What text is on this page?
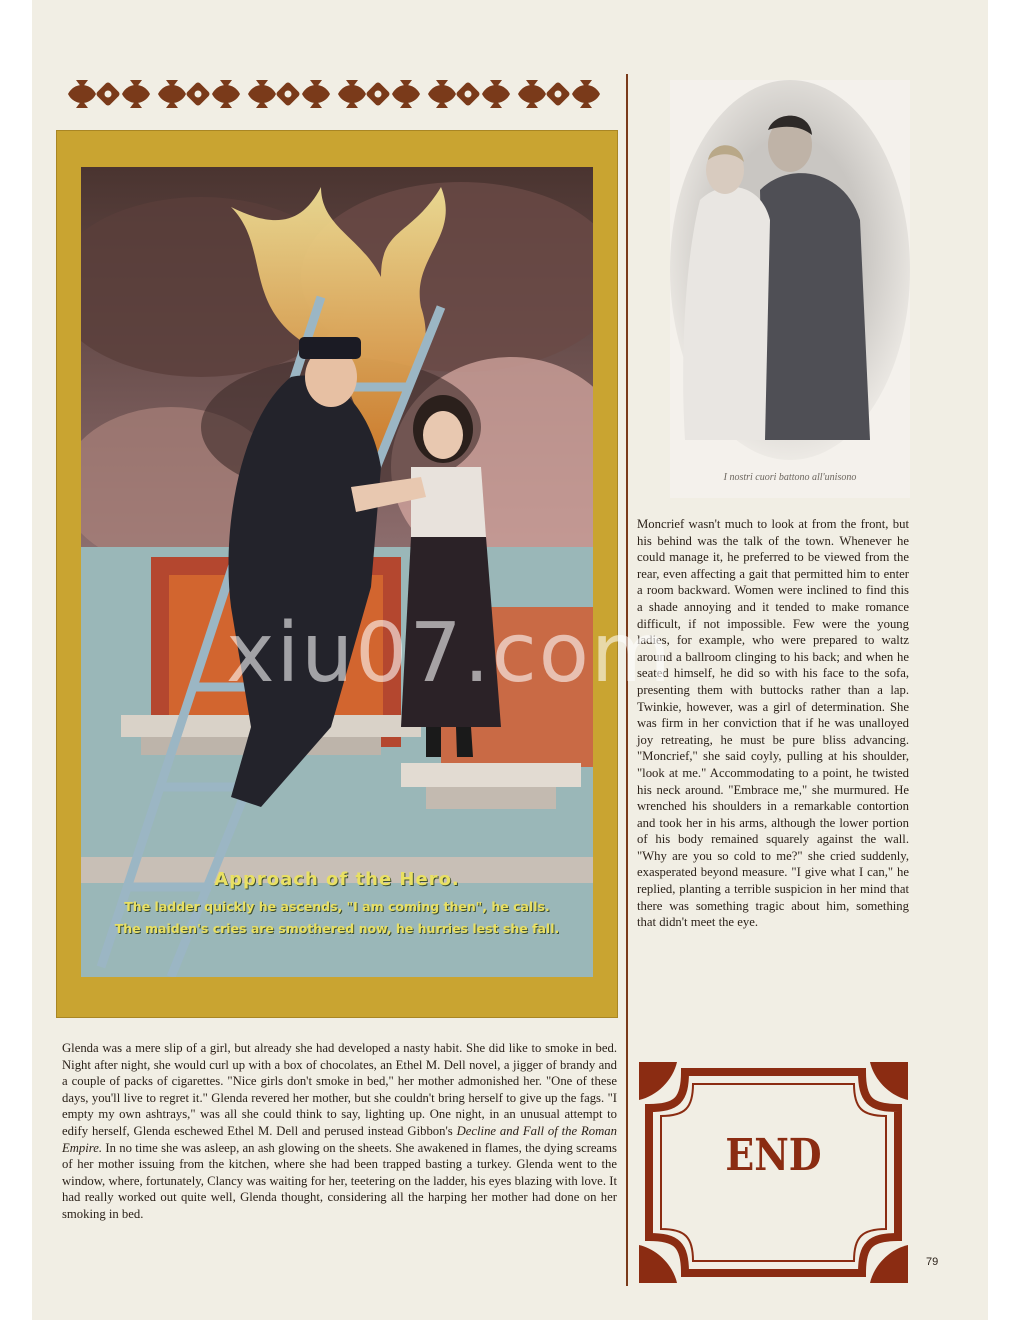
Approach of the Hero.
The ladder quickly he ascends, "I am coming then", he calls.
The maiden's cries are smothered now, he hurries lest she fall.
Glenda was a mere slip of a girl, but already she had developed a nasty habit. She did like to smoke in bed. Night after night, she would curl up with a box of chocolates, an Ethel M. Dell novel, a jigger of brandy and a couple of packs of cigarettes. "Nice girls don't smoke in bed," her mother admonished her. "One of these days, you'll live to regret it." Glenda revered her mother, but she couldn't bring herself to give up the fags. "I empty my own ashtrays," was all she could think to say, lighting up. One night, in an unusual attempt to edify herself, Glenda eschewed Ethel M. Dell and perused instead Gibbon's Decline and Fall of the Roman Empire. In no time she was asleep, an ash glowing on the sheets. She awakened in flames, the dying screams of her mother issuing from the kitchen, where she had been trapped basting a turkey. Glenda went to the window, where, fortunately, Clancy was waiting for her, teetering on the ladder, his eyes blazing with love. It had really worked out quite well, Glenda thought, considering all the harping her mother had done on her smoking in bed.
I nostri cuori battono all'unisono
Moncrief wasn't much to look at from the front, but his behind was the talk of the town. Whenever he could manage it, he preferred to be viewed from the rear, even affecting a gait that permitted him to enter a room backward. Women were inclined to find this a shade annoying and it tended to make romance difficult, if not impossible. Few were the young ladies, for example, who were prepared to waltz around a ballroom clinging to his back; and when he seated himself, he did so with his face to the sofa, presenting them with buttocks rather than a lap. Twinkie, however, was a girl of determination. She was firm in her conviction that if he was unalloyed joy retreating, he must be pure bliss advancing. "Moncrief," she said coyly, pulling at his shoulder, "look at me." Accommodating to a point, he twisted his neck around. "Embrace me," she murmured. He wrenched his shoulders in a remarkable contortion and took her in his arms, although the lower portion of his body remained squarely against the wall. "Why are you so cold to me?" she cried suddenly, exasperated beyond measure. "I give what I can," he replied, planting a terrible suspicion in her mind that there was something tragic about him, something that didn't meet the eye.
END
79
xiu07.com
